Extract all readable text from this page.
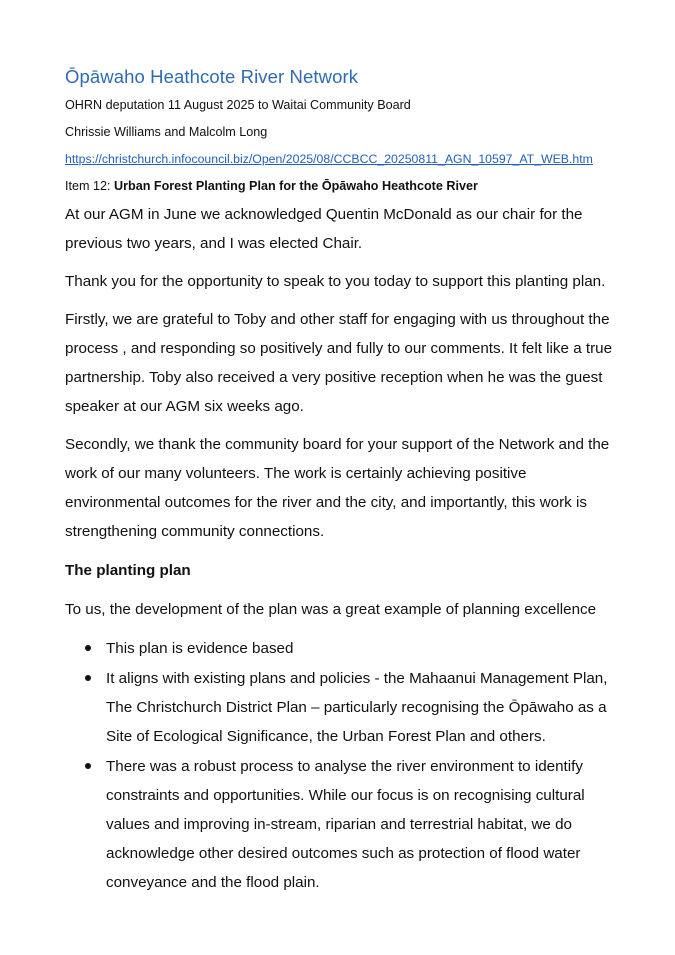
Ōpāwaho Heathcote River Network
OHRN deputation 11 August 2025 to Waitai Community Board
Chrissie Williams and Malcolm Long
https://christchurch.infocouncil.biz/Open/2025/08/CCBCC_20250811_AGN_10597_AT_WEB.htm
Item 12: Urban Forest Planting Plan for the Ōpāwaho Heathcote River

At our AGM in June we acknowledged Quentin McDonald as our chair for the previous two years, and I was elected Chair.

Thank you for the opportunity to speak to you today to support this planting plan.

Firstly, we are grateful to Toby and other staff for engaging with us throughout the process , and responding so positively and fully to our comments. It felt like a true partnership. Toby also received a very positive reception when he was the guest speaker at our AGM six weeks ago.

Secondly, we thank the community board for your support of the Network and the work of our many volunteers. The work is certainly achieving positive environmental outcomes for the river and the city, and importantly, this work is strengthening community connections.

The planting plan

To us, the development of the plan was a great example of planning excellence

This plan is evidence based
It aligns with existing plans and policies - the Mahaanui Management Plan, The Christchurch District Plan – particularly recognising the Ōpāwaho as a Site of Ecological Significance, the Urban Forest Plan and others.
There was a robust process to analyse the river environment to identify constraints and opportunities. While our focus is on recognising cultural values and improving in-stream, riparian and terrestrial habitat, we do acknowledge other desired outcomes such as protection of flood water conveyance and the flood plain.
